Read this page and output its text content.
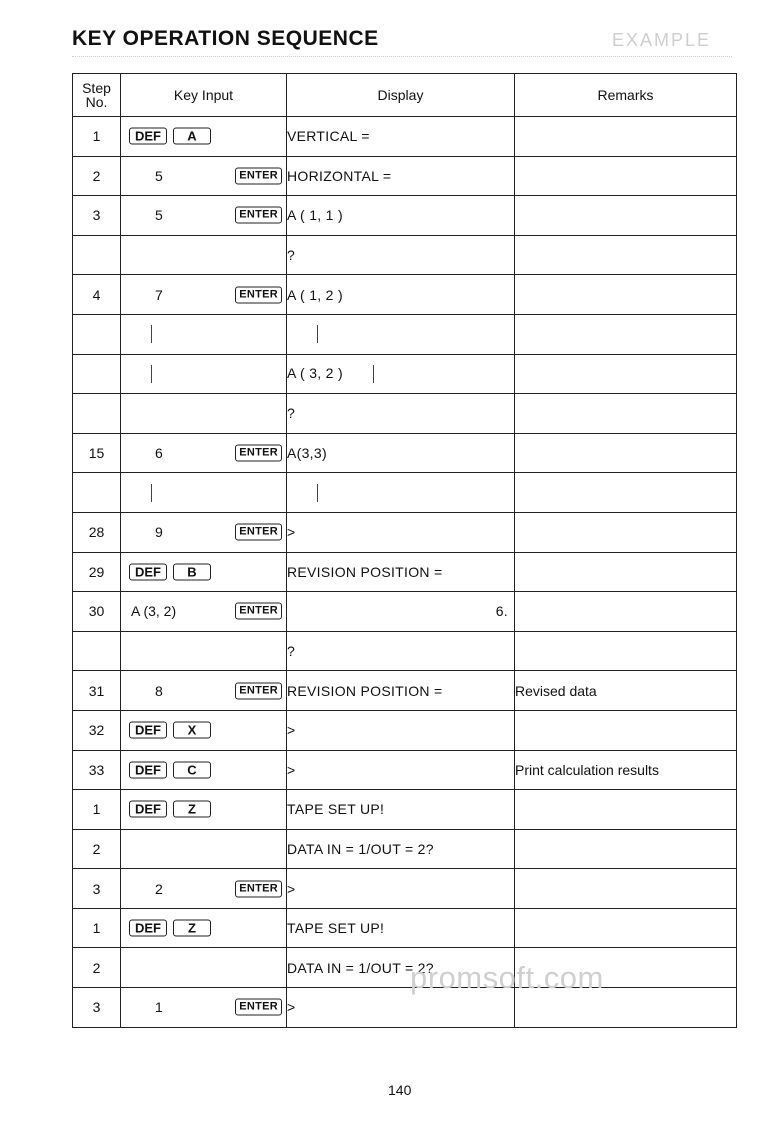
KEY OPERATION SEQUENCE	EXAMPLE
Step
No.	Key Input	Display	Remarks
1	DEF A	VERTICAL =	
2	5 ENTER	HORIZONTAL =	
3	5 ENTER	A ( 1, 1 )	
		?	
4	7 ENTER	A ( 1, 2 )	

		A ( 3, 2 )	
		?	
15	6 ENTER	A(3,3)	

28	9 ENTER	>	
29	DEF B	REVISION POSITION =	
30	A (3, 2) ENTER	6.	

		?	
31	8 ENTER	REVISION POSITION =	Revised data
32	DEF X	>	
33	DEF C	>	Print calculation results
1	DEF Z	TAPE SET UP!	
2		DATA IN = 1/OUT = 2?	
3	2 ENTER	>	
1	DEF Z	TAPE SET UP!	
2		DATA IN = 1/OUT = 2?	
3	1 ENTER	>	
promsoft.com
140
